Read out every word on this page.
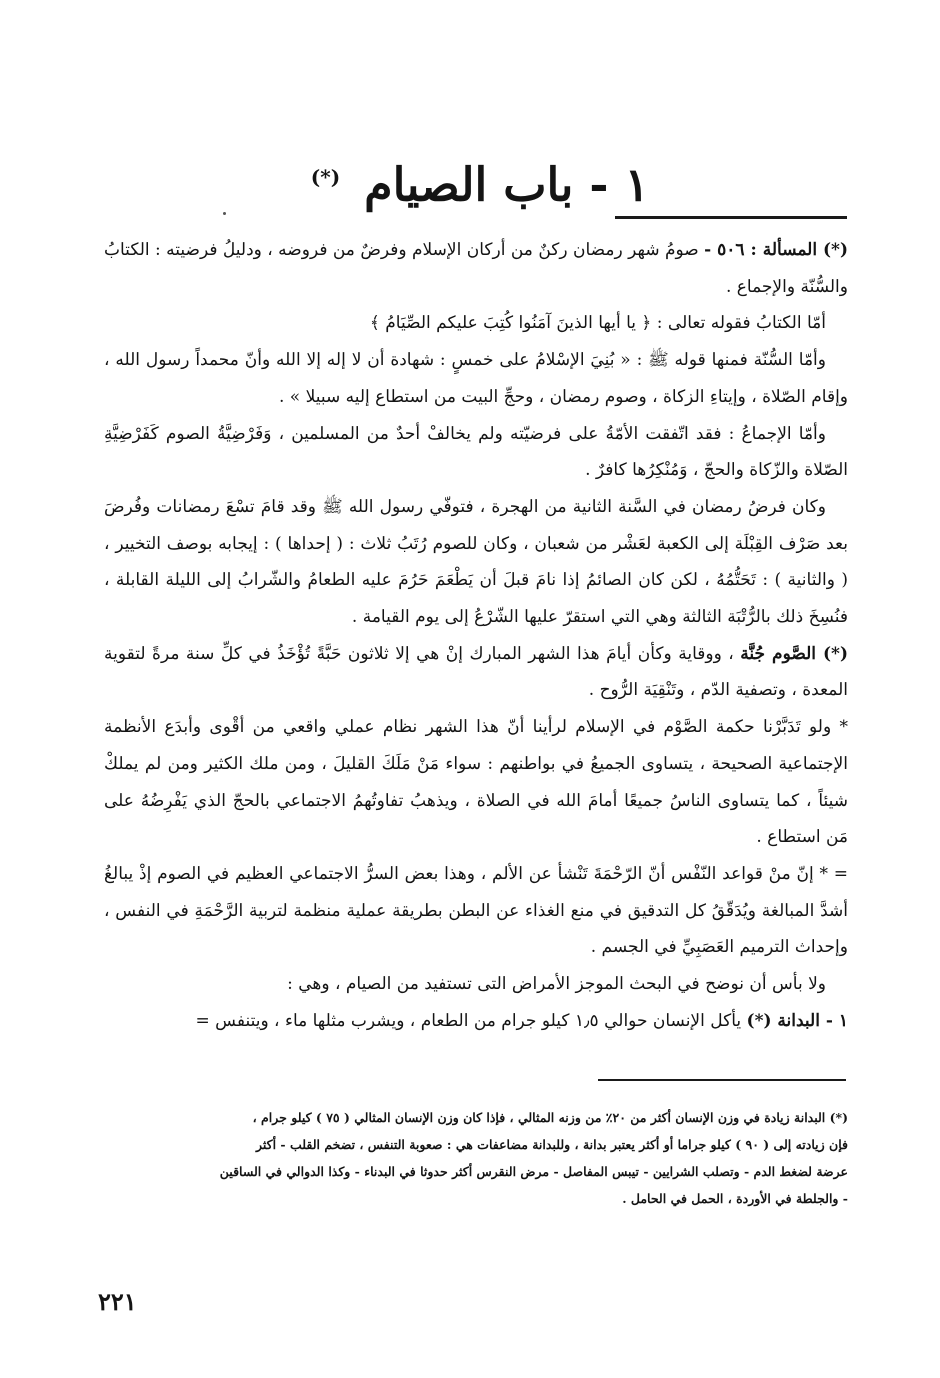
١ - باب الصيام (*)

(*) المسألة : ٥٠٦ - صومُ شهر رمضان ركنٌ من أركان الإسلام وفرضٌ من فروضه ، ودليلُ فرضيته : الكتابُ والسُّنّة والإجماع .

أمّا الكتابُ فقوله تعالى : ﴿ يا أيها الذينَ آمَنُوا كُتِبَ عليكم الصِّيَامُ ﴾

وأمّا السُّنّة فمنها قوله ﷺ : « بُنِيَ الإسْلامُ على خمسٍ : شهادة أن لا إله إلا الله وأنّ محمداً رسول الله ، وإقام الصّلاة ، وإيتاءِ الزكاة ، وصوم رمضان ، وحجِّ البيت من استطاع إليه سبيلا » .

وأمّا الإجماعُ : فقد اتّفقت الأمّةُ على فرضيّته ولم يخالفْ أحدٌ من المسلمين ، وَفَرْضِيَّةُ الصوم كَفَرْضِيَّةِ الصّلاة والزّكاة والحجّ ، وَمُنْكِرُها كافرٌ .

وكان فرضُ رمضان في السَّنة الثانية من الهجرة ، فتوفّي رسول الله ﷺ وقد قامَ تسْعَ رمضانات وفُرضَ بعد صَرْف القِبْلَة إلى الكعبة لعَشْر من شعبان ، وكان للصوم رُتَبُ ثلاث : ( إحداها ) : إيجابه بوصف التخيير ، ( والثانية ) : تَحَتُّمُهُ ، لكن كان الصائمُ إذا نامَ قبلَ أن يَطْعَمَ حَرُمَ عليه الطعامُ والشّرابُ إلى الليلة القابلة ، فنُسِخَ ذلك بالرُّتْبَة الثالثة وهي التي استقرّ عليها الشّرْعُ إلى يوم القيامة .

(*) الصَّوم جُنَّة ، ووقاية وكأن أيامَ هذا الشهر المبارك إنْ هي إلا ثلاثون حَبَّةً تُؤْخَذُ في كلِّ سنة مرةً لتقوية المعدة ، وتصفية الدّم ، وتَنْقِيَة الرُّوح .

* ولو تَدَبَّرْنا حكمة الصَّوْم في الإسلام لرأينا أنّ هذا الشهر نظام عملي واقعي من أقْوى وأبدَع الأنظمة الإجتماعية الصحيحة ، يتساوى الجميعُ في بواطنهم : سواء مَنْ مَلَكَ القليلَ ، ومن ملك الكثير ومن لم يملكْ شيئاً ، كما يتساوى الناسُ جميعًا أمامَ الله في الصلاة ، ويذهبُ تفاوتُهمُ الاجتماعي بالحجّ الذي يَفْرِضُهُ على مَن استطاع .

= * إنّ منْ قواعد النّفْس أنّ الرّحْمَةَ تَنْشأ عن الألم ، وهذا بعض السرُّ الاجتماعي العظيم في الصوم إذْ يبالغُ أشدَّ المبالغة ويُدَقّقُ كل التدقيق في منع الغذاء عن البطن بطريقة عملية منظمة لتربية الرَّحْمَةِ في النفس ، وإحداث الترميم العَصَبِيِّ في الجسم .

ولا بأس أن نوضح في البحث الموجز الأمراض التى تستفيد من الصيام ، وهي :

١ - البدانة (*) يأكل الإنسان حوالي ١٫٥ كيلو جرام من الطعام ، ويشرب مثلها ماء ، ويتنفس =

(*) البدانة زيادة في وزن الإنسان أكثر من ٢٠٪ من وزنه المثالي ، فإذا كان وزن الإنسان المثالي ( ٧٥ ) كيلو جرام ،

فإن زيادته إلى ( ٩٠ ) كيلو جراما أو أكثر يعتبر بدانة ، وللبدانة مضاعفات هي : صعوبة التنفس ، تضخم القلب - أكثر

عرضة لضغط الدم - وتصلب الشرايين - تيبس المفاصل - مرض النقرس أكثر حدوثا في البدناء - وكذا الدوالي في الساقين

- والجلطة في الأوردة ، الحمل في الحامل .

٢٢١
